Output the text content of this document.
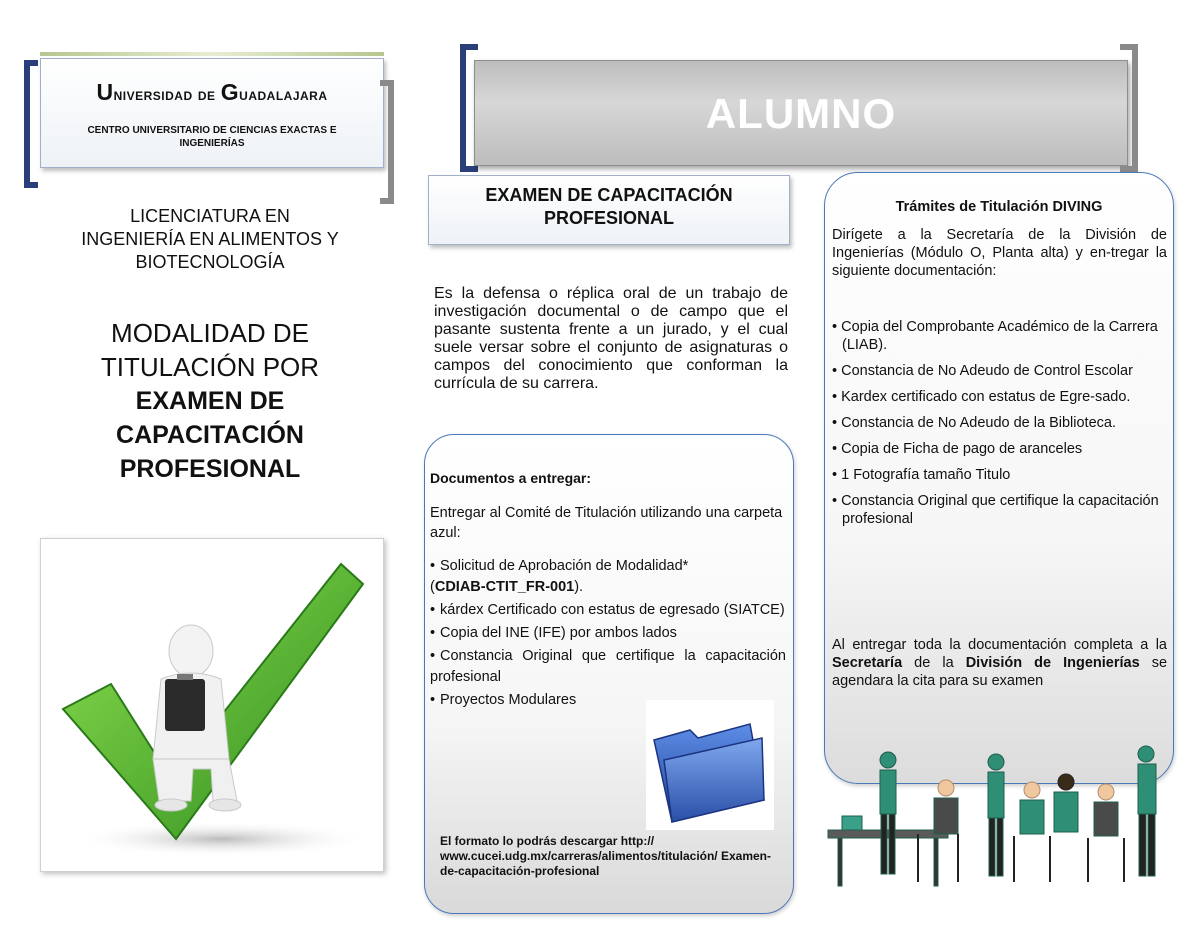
Universidad de Guadalajara
CENTRO UNIVERSITARIO DE CIENCIAS EXACTAS E INGENIERÍAS
LICENCIATURA EN
INGENIERÍA EN ALIMENTOS Y
BIOTECNOLOGÍA
MODALIDAD DE
TITULACIÓN POR
EXAMEN DE
CAPACITACIÓN
PROFESIONAL
ALUMNO
EXAMEN DE CAPACITACIÓN
PROFESIONAL
Es la defensa o réplica oral de un trabajo de investigación documental o de campo que el pasante sustenta frente a un jurado, y el cual suele versar sobre el conjunto de asignaturas o campos del conocimiento que conforman la currícula de su carrera.
Documentos a entregar:
Entregar al Comité de Titulación utilizando una carpeta azul:
• Solicitud de Aprobación de Modalidad*
(CDIAB-CTIT_FR-001).
• kárdex Certificado con estatus de egresado (SIATCE)
• Copia del INE (IFE) por ambos lados
• Constancia Original que certifique la capacitación profesional
• Proyectos Modulares
El formato lo podrás descargar http:// www.cucei.udg.mx/carreras/alimentos/titulación/ Examen-de-capacitación-profesional
Trámites de Titulación DIVING
Dirígete a la Secretaría de la División de Ingenierías (Módulo O, Planta alta) y en-tregar la siguiente documentación:
• Copia del Comprobante Académico de la Carrera (LIAB).
• Constancia de No Adeudo de Control Escolar
• Kardex certificado con estatus de Egre-sado.
• Constancia de No Adeudo de la Biblioteca.
• Copia de Ficha de pago de aranceles
• 1 Fotografía tamaño Titulo
• Constancia Original que certifique la capacitación profesional
Al entregar toda la documentación completa a la Secretaría de la División de Ingenierías se agendara la cita para su examen
